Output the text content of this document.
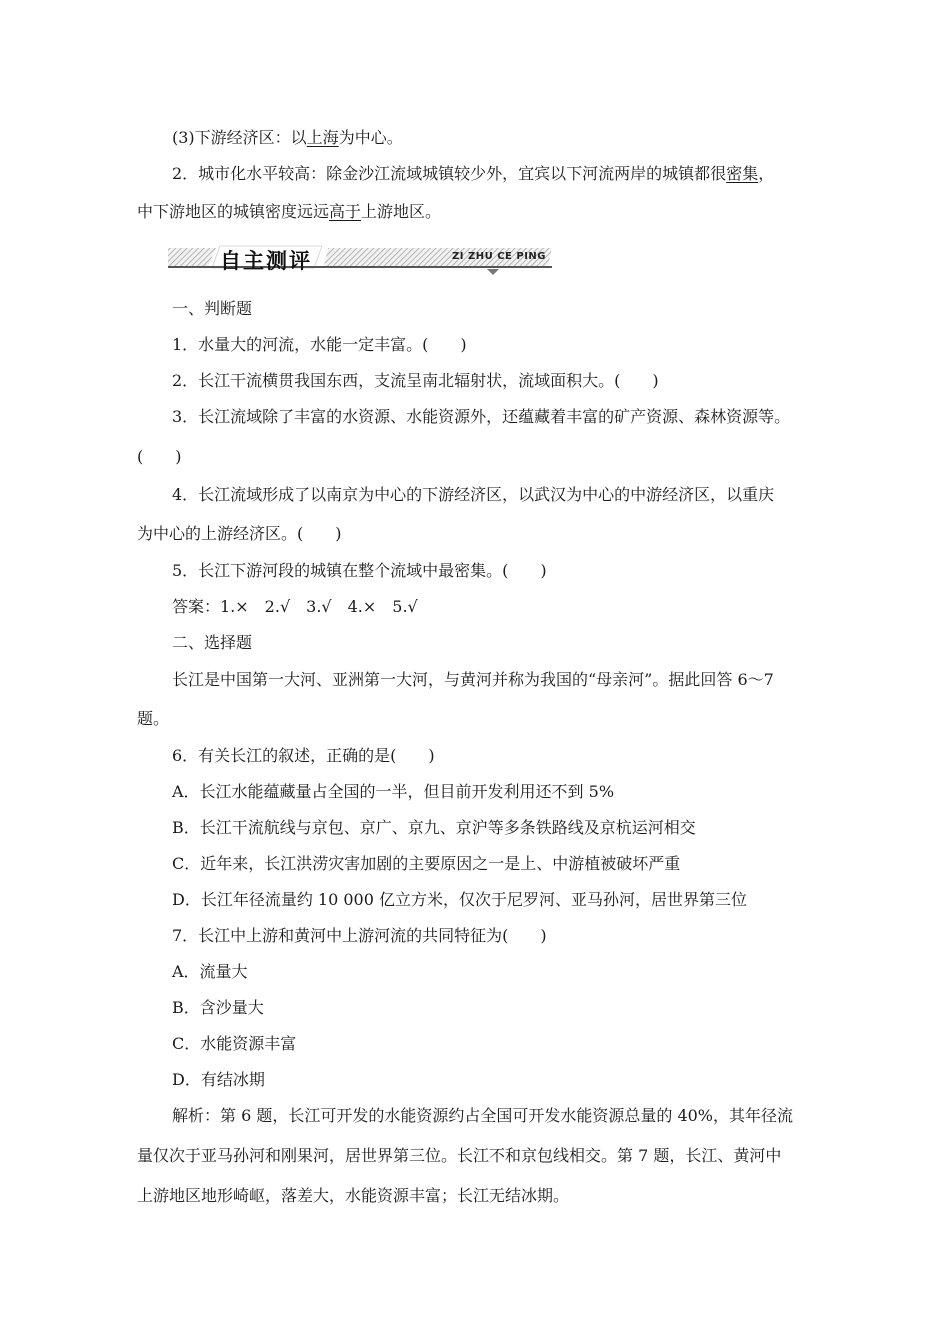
(3)下游经济区：以上海为中心。
2．城市化水平较高：除金沙江流域城镇较少外，宜宾以下河流两岸的城镇都很密集，
中下游地区的城镇密度远远高于上游地区。
自主测评	ZI ZHU CE PING
一、判断题
1．水量大的河流，水能一定丰富。(　　)
2．长江干流横贯我国东西，支流呈南北辐射状，流域面积大。(　　)
3．长江流域除了丰富的水资源、水能资源外，还蕴藏着丰富的矿产资源、森林资源等。
(　　)
4．长江流域形成了以南京为中心的下游经济区，以武汉为中心的中游经济区，以重庆
为中心的上游经济区。(　　)
5．长江下游河段的城镇在整个流域中最密集。(　　)
答案：1.×　2.√　3.√　4.×　5.√
二、选择题
长江是中国第一大河、亚洲第一大河，与黄河并称为我国的“母亲河”。据此回答 6～7
题。
6．有关长江的叙述，正确的是(　　)
A．长江水能蕴藏量占全国的一半，但目前开发利用还不到 5%
B．长江干流航线与京包、京广、京九、京沪等多条铁路线及京杭运河相交
C．近年来，长江洪涝灾害加剧的主要原因之一是上、中游植被破坏严重
D．长江年径流量约 10 000 亿立方米，仅次于尼罗河、亚马孙河，居世界第三位
7．长江中上游和黄河中上游河流的共同特征为(　　)
A．流量大
B．含沙量大
C．水能资源丰富
D．有结冰期
解析：第 6 题，长江可开发的水能资源约占全国可开发水能资源总量的 40%，其年径流
量仅次于亚马孙河和刚果河，居世界第三位。长江不和京包线相交。第 7 题，长江、黄河中
上游地区地形崎岖，落差大，水能资源丰富；长江无结冰期。
